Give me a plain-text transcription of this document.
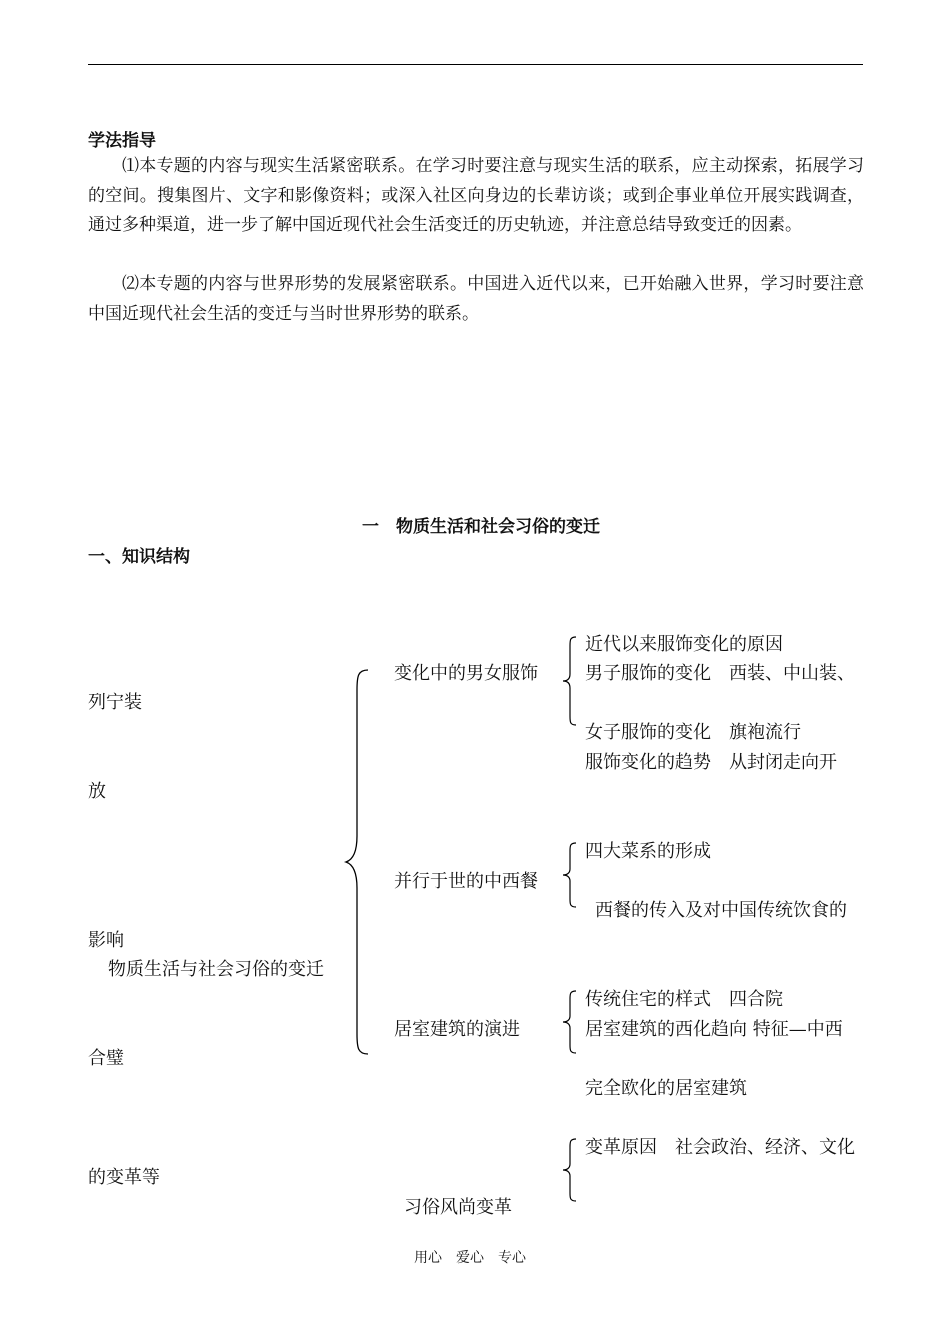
学法指导
⑴本专题的内容与现实生活紧密联系。在学习时要注意与现实生活的联系，应主动探索，拓展学习的空间。搜集图片、文字和影像资料；或深入社区向身边的长辈访谈；或到企事业单位开展实践调查，通过多种渠道，进一步了解中国近现代社会生活变迁的历史轨迹，并注意总结导致变迁的因素。
⑵本专题的内容与世界形势的发展紧密联系。中国进入近代以来，已开始融入世界，学习时要注意中国近现代社会生活的变迁与当时世界形势的联系。
一　物质生活和社会习俗的变迁
一、知识结构
列宁装
放
影响
物质生活与社会习俗的变迁
合璧
的变革等
变化中的男女服饰
并行于世的中西餐
居室建筑的演进
习俗风尚变革
近代以来服饰变化的原因
男子服饰的变化　西装、中山装、
女子服饰的变化　旗袍流行
服饰变化的趋势　从封闭走向开
四大菜系的形成
西餐的传入及对中国传统饮食的
传统住宅的样式　四合院
居室建筑的西化趋向 特征—中西
完全欧化的居室建筑
变革原因　社会政治、经济、文化
用心　爱心　专心
